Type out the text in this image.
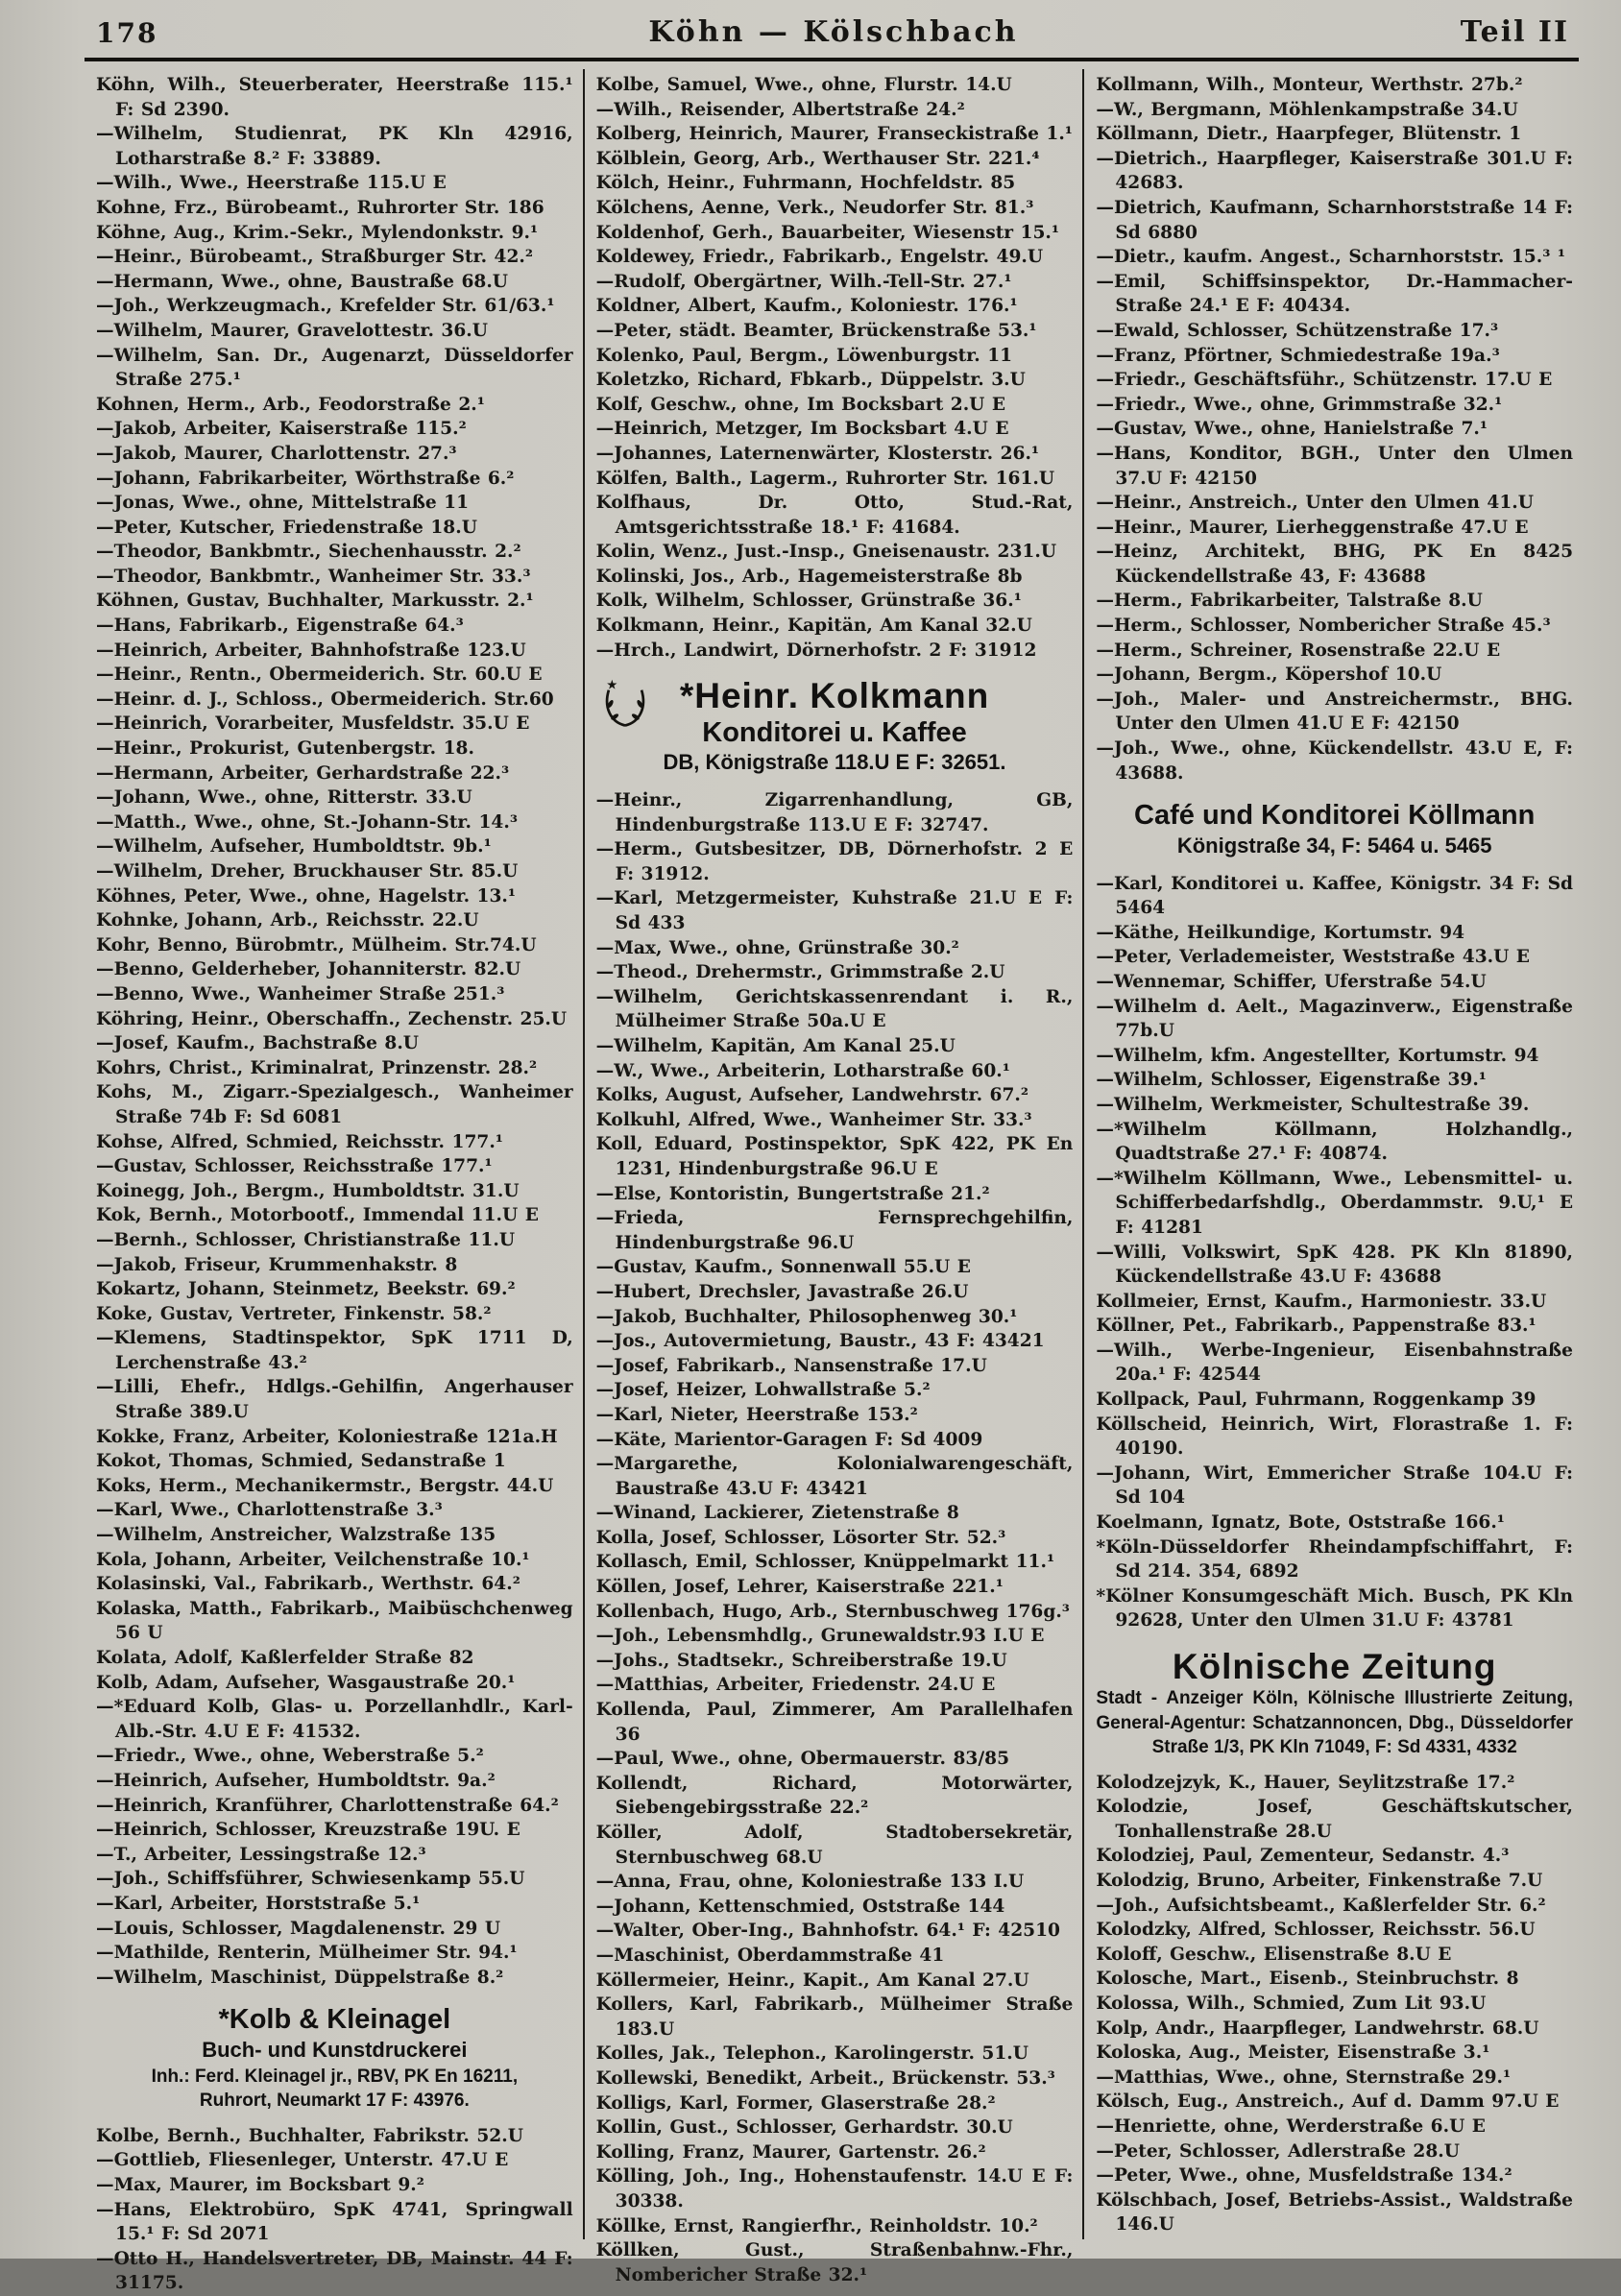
178	Köhn — Kölschbach	Teil II

Köhn, Wilh., Steuerberater, Heerstraße 115.¹ F: Sd 2390.

—Wilhelm, Studienrat, PK Kln 42916, Lotharstraße 8.² F: 33889.

—Wilh., Wwe., Heerstraße 115.U E

Kohne, Frz., Bürobeamt., Ruhrorter Str. 186

Köhne, Aug., Krim.-Sekr., Mylendonkstr. 9.¹

—Heinr., Bürobeamt., Straßburger Str. 42.²

—Hermann, Wwe., ohne, Baustraße 68.U

—Joh., Werkzeugmach., Krefelder Str. 61/63.¹

—Wilhelm, Maurer, Gravelottestr. 36.U

—Wilhelm, San. Dr., Augenarzt, Düsseldorfer Straße 275.¹

Kohnen, Herm., Arb., Feodorstraße 2.¹

—Jakob, Arbeiter, Kaiserstraße 115.²

—Jakob, Maurer, Charlottenstr. 27.³

—Johann, Fabrikarbeiter, Wörthstraße 6.²

—Jonas, Wwe., ohne, Mittelstraße 11

—Peter, Kutscher, Friedenstraße 18.U

—Theodor, Bankbmtr., Siechenhausstr. 2.²

—Theodor, Bankbmtr., Wanheimer Str. 33.³

Köhnen, Gustav, Buchhalter, Markusstr. 2.¹

—Hans, Fabrikarb., Eigenstraße 64.³

—Heinrich, Arbeiter, Bahnhofstraße 123.U

—Heinr., Rentn., Obermeiderich. Str. 60.U E

—Heinr. d. J., Schloss., Obermeiderich. Str.60

—Heinrich, Vorarbeiter, Musfeldstr. 35.U E

—Heinr., Prokurist, Gutenbergstr. 18.

—Hermann, Arbeiter, Gerhardstraße 22.³

—Johann, Wwe., ohne, Ritterstr. 33.U

—Matth., Wwe., ohne, St.-Johann-Str. 14.³

—Wilhelm, Aufseher, Humboldtstr. 9b.¹

—Wilhelm, Dreher, Bruckhauser Str. 85.U

Köhnes, Peter, Wwe., ohne, Hagelstr. 13.¹

Kohnke, Johann, Arb., Reichsstr. 22.U

Kohr, Benno, Bürobmtr., Mülheim. Str.74.U

—Benno, Gelderheber, Johanniterstr. 82.U

—Benno, Wwe., Wanheimer Straße 251.³

Köhring, Heinr., Oberschaffn., Zechenstr. 25.U

—Josef, Kaufm., Bachstraße 8.U

Kohrs, Christ., Kriminalrat, Prinzenstr. 28.²

Kohs, M., Zigarr.-Spezialgesch., Wanheimer Straße 74b F: Sd 6081

Kohse, Alfred, Schmied, Reichsstr. 177.¹

—Gustav, Schlosser, Reichsstraße 177.¹

Koinegg, Joh., Bergm., Humboldtstr. 31.U

Kok, Bernh., Motorbootf., Immendal 11.U E

—Bernh., Schlosser, Christianstraße 11.U

—Jakob, Friseur, Krummenhakstr. 8

Kokartz, Johann, Steinmetz, Beekstr. 69.²

Koke, Gustav, Vertreter, Finkenstr. 58.²

—Klemens, Stadtinspektor, SpK 1711 D, Lerchenstraße 43.²

—Lilli, Ehefr., Hdlgs.-Gehilfin, Angerhauser Straße 389.U

Kokke, Franz, Arbeiter, Koloniestraße 121a.H

Kokot, Thomas, Schmied, Sedanstraße 1

Koks, Herm., Mechanikermstr., Bergstr. 44.U

—Karl, Wwe., Charlottenstraße 3.³

—Wilhelm, Anstreicher, Walzstraße 135

Kola, Johann, Arbeiter, Veilchenstraße 10.¹

Kolasinski, Val., Fabrikarb., Werthstr. 64.²

Kolaska, Matth., Fabrikarb., Maibüschchenweg 56 U

Kolata, Adolf, Kaßlerfelder Straße 82

Kolb, Adam, Aufseher, Wasgaustraße 20.¹

—*Eduard Kolb, Glas- u. Porzellanhdlr., Karl-Alb.-Str. 4.U E F: 41532.

—Friedr., Wwe., ohne, Weberstraße 5.²

—Heinrich, Aufseher, Humboldtstr. 9a.²

—Heinrich, Kranführer, Charlottenstraße 64.²

—Heinrich, Schlosser, Kreuzstraße 19U. E

—T., Arbeiter, Lessingstraße 12.³

—Joh., Schiffsführer, Schwiesenkamp 55.U

—Karl, Arbeiter, Horststraße 5.¹

—Louis, Schlosser, Magdalenenstr. 29 U

—Mathilde, Renterin, Mülheimer Str. 94.¹

—Wilhelm, Maschinist, Düppelstraße 8.²

*Kolb & Kleinagel
Buch- und Kunstdruckerei
Inh.: Ferd. Kleinagel jr., RBV, PK En 16211,
Ruhrort, Neumarkt 17 F: 43976.

Kolbe, Bernh., Buchhalter, Fabrikstr. 52.U

—Gottlieb, Fliesenleger, Unterstr. 47.U E

—Max, Maurer, im Bocksbart 9.²

—Hans, Elektrobüro, SpK 4741, Springwall 15.¹ F: Sd 2071

—Otto H., Handelsvertreter, DB, Mainstr. 44 F: 31175.

Kolbe, Samuel, Wwe., ohne, Flurstr. 14.U

—Wilh., Reisender, Albertstraße 24.²

Kolberg, Heinrich, Maurer, Franseckistraße 1.¹

Kölblein, Georg, Arb., Werthauser Str. 221.⁴

Kölch, Heinr., Fuhrmann, Hochfeldstr. 85

Kölchens, Aenne, Verk., Neudorfer Str. 81.³

Koldenhof, Gerh., Bauarbeiter, Wiesenstr 15.¹

Koldewey, Friedr., Fabrikarb., Engelstr. 49.U

—Rudolf, Obergärtner, Wilh.-Tell-Str. 27.¹

Koldner, Albert, Kaufm., Koloniestr. 176.¹

—Peter, städt. Beamter, Brückenstraße 53.¹

Kolenko, Paul, Bergm., Löwenburgstr. 11

Koletzko, Richard, Fbkarb., Düppelstr. 3.U

Kolf, Geschw., ohne, Im Bocksbart 2.U E

—Heinrich, Metzger, Im Bocksbart 4.U E

—Johannes, Laternenwärter, Klosterstr. 26.¹

Kölfen, Balth., Lagerm., Ruhrorter Str. 161.U

Kolfhaus, Dr. Otto, Stud.-Rat, Amtsgerichtsstraße 18.¹ F: 41684.

Kolin, Wenz., Just.-Insp., Gneisenaustr. 231.U

Kolinski, Jos., Arb., Hagemeisterstraße 8b

Kolk, Wilhelm, Schlosser, Grünstraße 36.¹

Kolkmann, Heinr., Kapitän, Am Kanal 32.U

—Hrch., Landwirt, Dörnerhofstr. 2 F: 31912

★	*Heinr. Kolkmann
Konditorei u. Kaffee
DB, Königstraße 118.U E F: 32651.

—Heinr., Zigarrenhandlung, GB, Hindenburgstraße 113.U E F: 32747.

—Herm., Gutsbesitzer, DB, Dörnerhofstr. 2 E F: 31912.

—Karl, Metzgermeister, Kuhstraße 21.U E F: Sd 433

—Max, Wwe., ohne, Grünstraße 30.²

—Theod., Drehermstr., Grimmstraße 2.U

—Wilhelm, Gerichtskassenrendant i. R., Mülheimer Straße 50a.U E

—Wilhelm, Kapitän, Am Kanal 25.U

—W., Wwe., Arbeiterin, Lotharstraße 60.¹

Kolks, August, Aufseher, Landwehrstr. 67.²

Kolkuhl, Alfred, Wwe., Wanheimer Str. 33.³

Koll, Eduard, Postinspektor, SpK 422, PK En 1231, Hindenburgstraße 96.U E

—Else, Kontoristin, Bungertstraße 21.²

—Frieda, Fernsprechgehilfin, Hindenburgstraße 96.U

—Gustav, Kaufm., Sonnenwall 55.U E

—Hubert, Drechsler, Javastraße 26.U

—Jakob, Buchhalter, Philosophenweg 30.¹

—Jos., Autovermietung, Baustr., 43 F: 43421

—Josef, Fabrikarb., Nansenstraße 17.U

—Josef, Heizer, Lohwallstraße 5.²

—Karl, Nieter, Heerstraße 153.²

—Käte, Marientor-Garagen F: Sd 4009

—Margarethe, Kolonialwarengeschäft, Baustraße 43.U F: 43421

—Winand, Lackierer, Zietenstraße 8

Kolla, Josef, Schlosser, Lösorter Str. 52.³

Kollasch, Emil, Schlosser, Knüppelmarkt 11.¹

Köllen, Josef, Lehrer, Kaiserstraße 221.¹

Kollenbach, Hugo, Arb., Sternbuschweg 176g.³

—Joh., Lebensmhdlg., Grunewaldstr.93 I.U E

—Johs., Stadtsekr., Schreiberstraße 19.U

—Matthias, Arbeiter, Friedenstr. 24.U E

Kollenda, Paul, Zimmerer, Am Parallelhafen 36

—Paul, Wwe., ohne, Obermauerstr. 83/85

Kollendt, Richard, Motorwärter, Siebengebirgsstraße 22.²

Köller, Adolf, Stadtobersekretär, Sternbuschweg 68.U

—Anna, Frau, ohne, Koloniestraße 133 I.U

—Johann, Kettenschmied, Oststraße 144

—Walter, Ober-Ing., Bahnhofstr. 64.¹ F: 42510

—Maschinist, Oberdammstraße 41

Köllermeier, Heinr., Kapit., Am Kanal 27.U

Kollers, Karl, Fabrikarb., Mülheimer Straße 183.U

Kolles, Jak., Telephon., Karolingerstr. 51.U

Kollewski, Benedikt, Arbeit., Brückenstr. 53.³

Kolligs, Karl, Former, Glaserstraße 28.²

Kollin, Gust., Schlosser, Gerhardstr. 30.U

Kolling, Franz, Maurer, Gartenstr. 26.²

Kölling, Joh., Ing., Hohenstaufenstr. 14.U E F: 30338.

Köllke, Ernst, Rangierfhr., Reinholdstr. 10.²

Köllken, Gust., Straßenbahnw.-Fhr., Nombericher Straße 32.¹

Kollmann, Wilh., Monteur, Werthstr. 27b.²

—W., Bergmann, Möhlenkampstraße 34.U

Köllmann, Dietr., Haarpfeger, Blütenstr. 1

—Dietrich., Haarpfleger, Kaiserstraße 301.U F: 42683.

—Dietrich, Kaufmann, Scharnhorststraße 14 F: Sd 6880

—Dietr., kaufm. Angest., Scharnhorststr. 15.³ ¹

—Emil, Schiffsinspektor, Dr.-Hammacher-Straße 24.¹ E F: 40434.

—Ewald, Schlosser, Schützenstraße 17.³

—Franz, Pförtner, Schmiedestraße 19a.³

—Friedr., Geschäftsführ., Schützenstr. 17.U E

—Friedr., Wwe., ohne, Grimmstraße 32.¹

—Gustav, Wwe., ohne, Hanielstraße 7.¹

—Hans, Konditor, BGH., Unter den Ulmen 37.U F: 42150

—Heinr., Anstreich., Unter den Ulmen 41.U

—Heinr., Maurer, Lierheggenstraße 47.U E

—Heinz, Architekt, BHG, PK En 8425 Kückendellstraße 43, F: 43688

—Herm., Fabrikarbeiter, Talstraße 8.U

—Herm., Schlosser, Nombericher Straße 45.³

—Herm., Schreiner, Rosenstraße 22.U E

—Johann, Bergm., Köpershof 10.U

—Joh., Maler- und Anstreichermstr., BHG. Unter den Ulmen 41.U E F: 42150

—Joh., Wwe., ohne, Kückendellstr. 43.U E, F: 43688.

Café und Konditorei Köllmann
Königstraße 34, F: 5464 u. 5465

—Karl, Konditorei u. Kaffee, Königstr. 34 F: Sd 5464

—Käthe, Heilkundige, Kortumstr. 94

—Peter, Verlademeister, Weststraße 43.U E

—Wennemar, Schiffer, Uferstraße 54.U

—Wilhelm d. Aelt., Magazinverw., Eigenstraße 77b.U

—Wilhelm, kfm. Angestellter, Kortumstr. 94

—Wilhelm, Schlosser, Eigenstraße 39.¹

—Wilhelm, Werkmeister, Schultestraße 39.

—*Wilhelm Köllmann, Holzhandlg., Quadtstraße 27.¹ F: 40874.

—*Wilhelm Köllmann, Wwe., Lebensmittel- u. Schifferbedarfshdlg., Oberdammstr. 9.U,¹ E F: 41281

—Willi, Volkswirt, SpK 428. PK Kln 81890, Kückendellstraße 43.U F: 43688

Kollmeier, Ernst, Kaufm., Harmoniestr. 33.U

Köllner, Pet., Fabrikarb., Pappenstraße 83.¹

—Wilh., Werbe-Ingenieur, Eisenbahnstraße 20a.¹ F: 42544

Kollpack, Paul, Fuhrmann, Roggenkamp 39

Köllscheid, Heinrich, Wirt, Florastraße 1. F: 40190.

—Johann, Wirt, Emmericher Straße 104.U F: Sd 104

Koelmann, Ignatz, Bote, Oststraße 166.¹

*Köln-Düsseldorfer Rheindampfschiffahrt, F: Sd 214. 354, 6892

*Kölner Konsumgeschäft Mich. Busch, PK Kln 92628, Unter den Ulmen 31.U F: 43781

Kölnische Zeitung
Stadt - Anzeiger Köln, Kölnische Illustrierte Zeitung, General-Agentur: Schatzannoncen, Dbg., Düsseldorfer Straße 1/3, PK Kln 71049, F: Sd 4331, 4332

Kolodzejzyk, K., Hauer, Seylitzstraße 17.²

Kolodzie, Josef, Geschäftskutscher, Tonhallenstraße 28.U

Kolodziej, Paul, Zementeur, Sedanstr. 4.³

Kolodzig, Bruno, Arbeiter, Finkenstraße 7.U

—Joh., Aufsichtsbeamt., Kaßlerfelder Str. 6.²

Kolodzky, Alfred, Schlosser, Reichsstr. 56.U

Koloff, Geschw., Elisenstraße 8.U E

Kolosche, Mart., Eisenb., Steinbruchstr. 8

Kolossa, Wilh., Schmied, Zum Lit 93.U

Kolp, Andr., Haarpfleger, Landwehrstr. 68.U

Koloska, Aug., Meister, Eisenstraße 3.¹

—Matthias, Wwe., ohne, Sternstraße 29.¹

Kölsch, Eug., Anstreich., Auf d. Damm 97.U E

—Henriette, ohne, Werderstraße 6.U E

—Peter, Schlosser, Adlerstraße 28.U

—Peter, Wwe., ohne, Musfeldstraße 134.²

Kölschbach, Josef, Betriebs-Assist., Waldstraße 146.U
